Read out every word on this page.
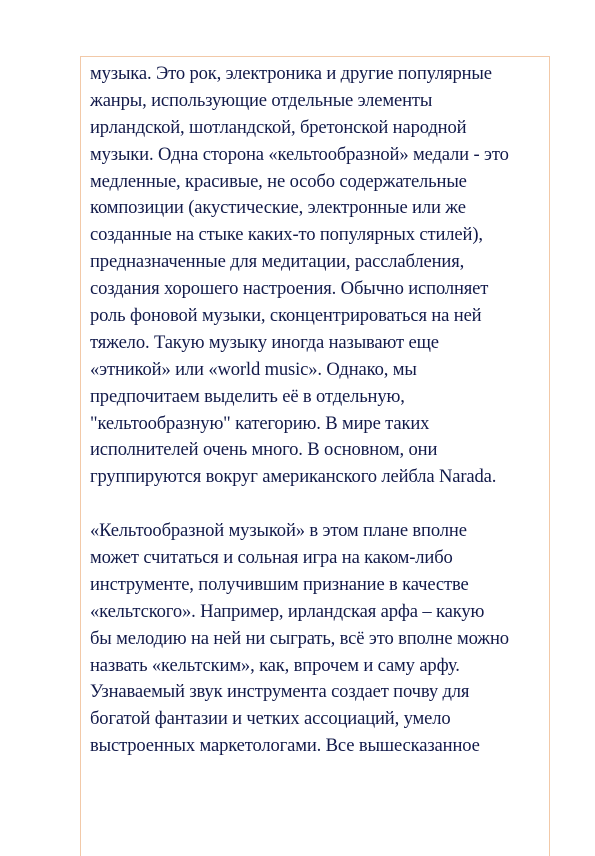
музыка. Это рок, электроника и другие популярные
жанры, использующие отдельные элементы
ирландской, шотландской, бретонской народной
музыки. Одна сторона «кельтообразной» медали - это
медленные, красивые, не особо содержательные
композиции (акустические, электронные или же
созданные на стыке каких-то популярных стилей),
предназначенные для медитации, расслабления,
создания хорошего настроения. Обычно исполняет
роль фоновой музыки, сконцентрироваться на ней
тяжело. Такую музыку иногда называют еще
«этникой» или «world music». Однако, мы
предпочитаем выделить её в отдельную,
"кельтообразную" категорию. В мире таких
исполнителей очень много. В основном, они
группируются вокруг американского лейбла Narada.
«Кельтообразной музыкой» в этом плане вполне
может считаться и сольная игра на каком-либо
инструменте, получившим признание в качестве
«кельтского». Например, ирландская арфа – какую
бы мелодию на ней ни сыграть, всё это вполне можно
назвать «кельтским», как, впрочем и саму арфу.
Узнаваемый звук инструмента создает почву для
богатой фантазии и четких ассоциаций, умело
выстроенных маркетологами. Все вышесказанное
